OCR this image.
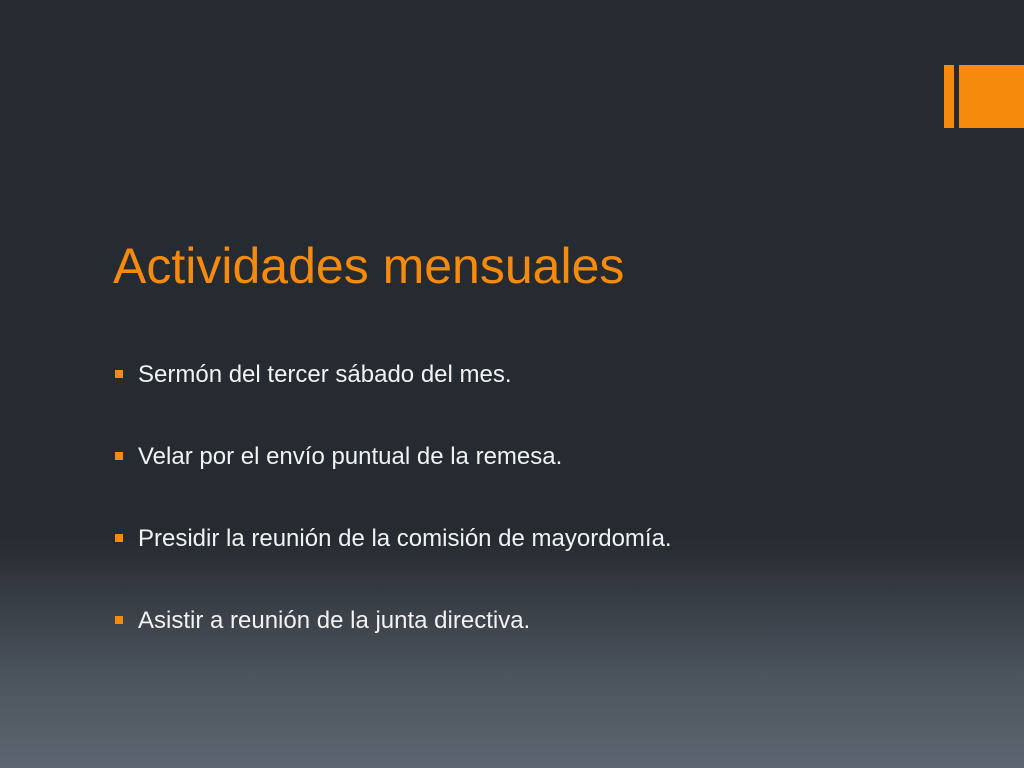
Actividades mensuales
Sermón del tercer sábado del mes.
Velar por el envío puntual de la remesa.
Presidir la reunión de la comisión de mayordomía.
Asistir a reunión de la junta directiva.
